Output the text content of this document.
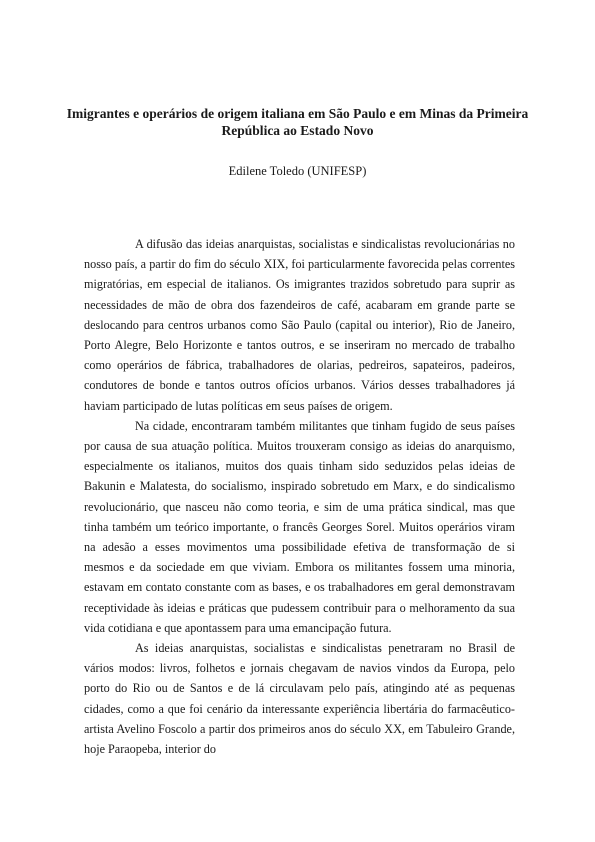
Imigrantes e operários de origem italiana em São Paulo e em Minas da Primeira República ao Estado Novo

Edilene Toledo (UNIFESP)

A difusão das ideias anarquistas, socialistas e sindicalistas revolucionárias no nosso país, a partir do fim do século XIX, foi particularmente favorecida pelas correntes migratórias, em especial de italianos. Os imigrantes trazidos sobretudo para suprir as necessidades de mão de obra dos fazendeiros de café, acabaram em grande parte se deslocando para centros urbanos como São Paulo (capital ou interior), Rio de Janeiro, Porto Alegre, Belo Horizonte e tantos outros, e se inseriram no mercado de trabalho como operários de fábrica, trabalhadores de olarias, pedreiros, sapateiros, padeiros, condutores de bonde e tantos outros ofícios urbanos. Vários desses trabalhadores já haviam participado de lutas políticas em seus países de origem.

Na cidade, encontraram também militantes que tinham fugido de seus países por causa de sua atuação política. Muitos trouxeram consigo as ideias do anarquismo, especialmente os italianos, muitos dos quais tinham sido seduzidos pelas ideias de Bakunin e Malatesta, do socialismo, inspirado sobretudo em Marx, e do sindicalismo revolucionário, que nasceu não como teoria, e sim de uma prática sindical, mas que tinha também um teórico importante, o francês Georges Sorel. Muitos operários viram na adesão a esses movimentos uma possibilidade efetiva de transformação de si mesmos e da sociedade em que viviam. Embora os militantes fossem uma minoria, estavam em contato constante com as bases, e os trabalhadores em geral demonstravam receptividade às ideias e práticas que pudessem contribuir para o melhoramento da sua vida cotidiana e que apontassem para uma emancipação futura.

As ideias anarquistas, socialistas e sindicalistas penetraram no Brasil de vários modos: livros, folhetos e jornais chegavam de navios vindos da Europa, pelo porto do Rio ou de Santos e de lá circulavam pelo país, atingindo até as pequenas cidades, como a que foi cenário da interessante experiência libertária do farmacêutico-artista Avelino Foscolo a partir dos primeiros anos do século XX, em Tabuleiro Grande, hoje Paraopeba, interior do
